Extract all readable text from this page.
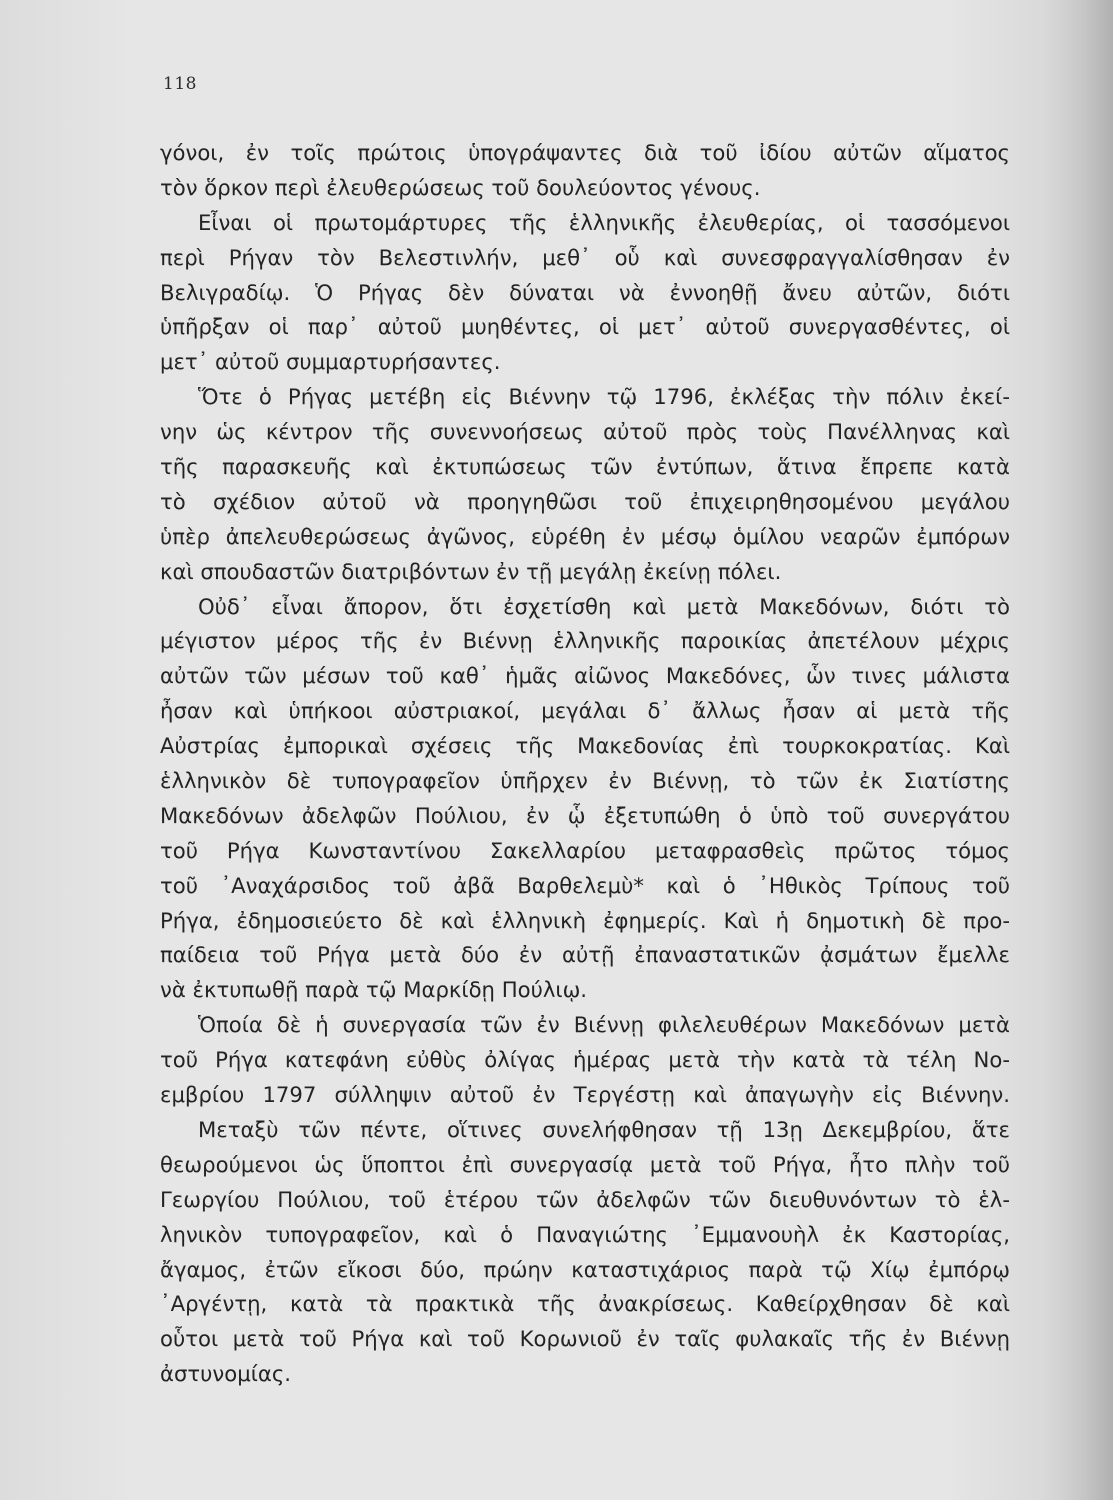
118
γόνοι, ἐν τοῖς πρώτοις ὑπογράψαντες διὰ τοῦ ἰδίου αὐτῶν αἵματος
τὸν ὅρκον περὶ ἐλευθερώσεως τοῦ δουλεύοντος γένους.
Εἶναι οἱ πρωτομάρτυρες τῆς ἑλληνικῆς ἐλευθερίας, οἱ τασσόμενοι
περὶ Ρήγαν τὸν Βελεστινλήν, μεθ᾽ οὗ καὶ συνεσφραγγαλίσθησαν ἐν
Βελιγραδίῳ. Ὁ Ρήγας δὲν δύναται νὰ ἐννοηθῇ ἄνευ αὐτῶν, διότι
ὑπῆρξαν οἱ παρ᾽ αὐτοῦ μυηθέντες, οἱ μετ᾽ αὐτοῦ συνεργασθέντες, οἱ
μετ᾽ αὐτοῦ συμμαρτυρήσαντες.
Ὅτε ὁ Ρήγας μετέβη εἰς Βιέννην τῷ 1796, ἐκλέξας τὴν πόλιν ἐκεί-
νην ὡς κέντρον τῆς συνεννοήσεως αὐτοῦ πρὸς τοὺς Πανέλληνας καὶ
τῆς παρασκευῆς καὶ ἐκτυπώσεως τῶν ἐντύπων, ἅτινα ἔπρεπε κατὰ
τὸ σχέδιον αὐτοῦ νὰ προηγηθῶσι τοῦ ἐπιχειρηθησομένου μεγάλου
ὑπὲρ ἀπελευθερώσεως ἀγῶνος, εὑρέθη ἐν μέσῳ ὁμίλου νεαρῶν ἐμπόρων
καὶ σπουδαστῶν διατριβόντων ἐν τῇ μεγάλῃ ἐκείνῃ πόλει.
Οὐδ᾽ εἶναι ἄπορον, ὅτι ἐσχετίσθη καὶ μετὰ Μακεδόνων, διότι τὸ
μέγιστον μέρος τῆς ἐν Βιέννῃ ἑλληνικῆς παροικίας ἀπετέλουν μέχρις
αὐτῶν τῶν μέσων τοῦ καθ᾽ ἡμᾶς αἰῶνος Μακεδόνες, ὧν τινες μάλιστα
ἦσαν καὶ ὑπήκοοι αὐστριακοί, μεγάλαι δ᾽ ἄλλως ἦσαν αἱ μετὰ τῆς
Αὐστρίας ἐμπορικαὶ σχέσεις τῆς Μακεδονίας ἐπὶ τουρκοκρατίας. Καὶ
ἑλληνικὸν δὲ τυπογραφεῖον ὑπῆρχεν ἐν Βιέννῃ, τὸ τῶν ἐκ Σιατίστης
Μακεδόνων ἀδελφῶν Πούλιου, ἐν ᾧ ἐξετυπώθη ὁ ὑπὸ τοῦ συνεργάτου
τοῦ Ρήγα Κωνσταντίνου Σακελλαρίου μεταφρασθεὶς πρῶτος τόμος
τοῦ ᾽Αναχάρσιδος τοῦ ἀβᾶ Βαρθελεμὺ* καὶ ὁ ᾽Ηθικὸς Τρίπους τοῦ
Ρήγα, ἐδημοσιεύετο δὲ καὶ ἑλληνικὴ ἐφημερίς. Καὶ ἡ δημοτικὴ δὲ προ-
παίδεια τοῦ Ρήγα μετὰ δύο ἐν αὐτῇ ἐπαναστατικῶν ᾀσμάτων ἔμελλε
νὰ ἐκτυπωθῇ παρὰ τῷ Μαρκίδῃ Πούλιῳ.
Ὁποία δὲ ἡ συνεργασία τῶν ἐν Βιέννῃ φιλελευθέρων Μακεδόνων μετὰ
τοῦ Ρήγα κατεφάνη εὐθὺς ὀλίγας ἡμέρας μετὰ τὴν κατὰ τὰ τέλη Νο-
εμβρίου 1797 σύλληψιν αὐτοῦ ἐν Τεργέστῃ καὶ ἀπαγωγὴν εἰς Βιέννην.
Μεταξὺ τῶν πέντε, οἵτινες συνελήφθησαν τῇ 13ῃ Δεκεμβρίου, ἅτε
θεωρούμενοι ὡς ὕποπτοι ἐπὶ συνεργασίᾳ μετὰ τοῦ Ρήγα, ἦτο πλὴν τοῦ
Γεωργίου Πούλιου, τοῦ ἑτέρου τῶν ἀδελφῶν τῶν διευθυνόντων τὸ ἑλ-
ληνικὸν τυπογραφεῖον, καὶ ὁ Παναγιώτης ᾽Εμμανουὴλ ἐκ Καστορίας,
ἄγαμος, ἐτῶν εἴκοσι δύο, πρώην καταστιχάριος παρὰ τῷ Χίῳ ἐμπόρῳ
᾽Αργέντῃ, κατὰ τὰ πρακτικὰ τῆς ἀνακρίσεως. Καθείρχθησαν δὲ καὶ
οὗτοι μετὰ τοῦ Ρήγα καὶ τοῦ Κορωνιοῦ ἐν ταῖς φυλακαῖς τῆς ἐν Βιέννῃ
ἀστυνομίας.
